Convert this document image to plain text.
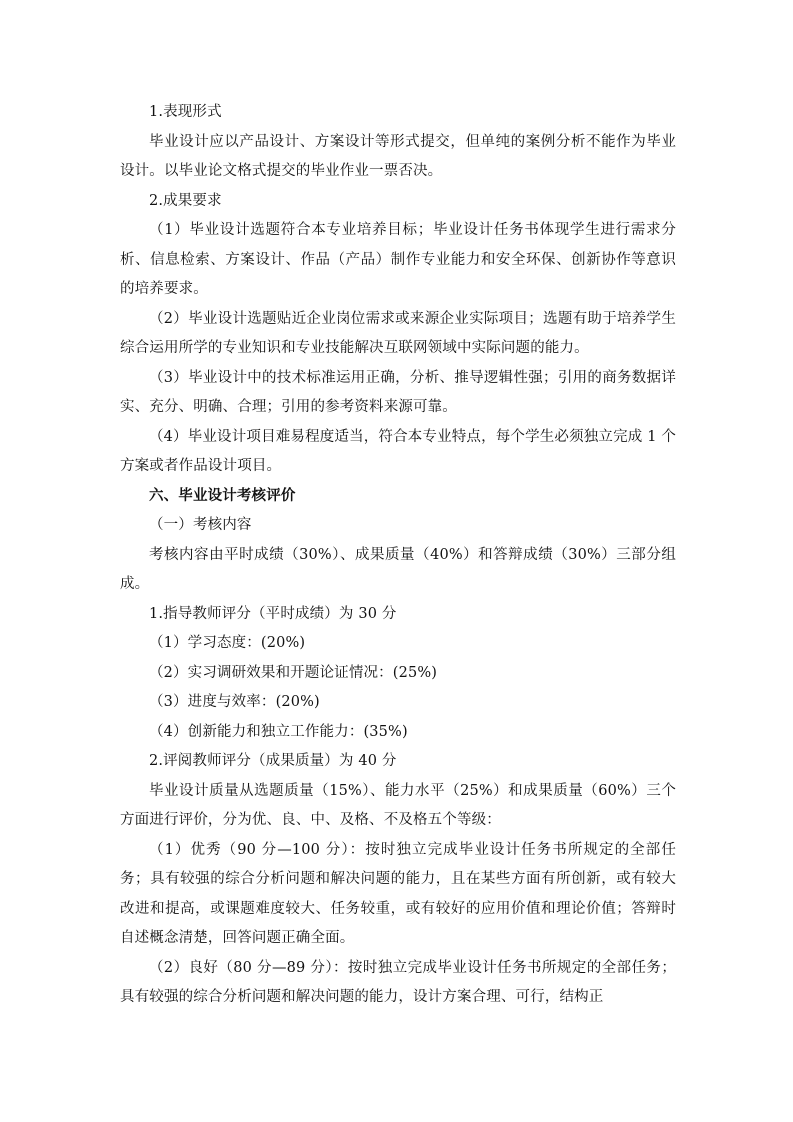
1.表现形式

毕业设计应以产品设计、方案设计等形式提交，但单纯的案例分析不能作为毕业设计。以毕业论文格式提交的毕业作业一票否决。

2.成果要求

（1）毕业设计选题符合本专业培养目标；毕业设计任务书体现学生进行需求分析、信息检索、方案设计、作品（产品）制作专业能力和安全环保、创新协作等意识的培养要求。

（2）毕业设计选题贴近企业岗位需求或来源企业实际项目；选题有助于培养学生综合运用所学的专业知识和专业技能解决互联网领域中实际问题的能力。

（3）毕业设计中的技术标准运用正确，分析、推导逻辑性强；引用的商务数据详实、充分、明确、合理；引用的参考资料来源可靠。

（4）毕业设计项目难易程度适当，符合本专业特点，每个学生必须独立完成 1 个方案或者作品设计项目。

六、毕业设计考核评价

（一）考核内容

考核内容由平时成绩（30%）、成果质量（40%）和答辩成绩（30%）三部分组成。

1.指导教师评分（平时成绩）为 30 分

（1）学习态度：(20%)

（2）实习调研效果和开题论证情况：(25%)

（3）进度与效率：(20%)

（4）创新能力和独立工作能力：(35%)

2.评阅教师评分（成果质量）为 40 分

毕业设计质量从选题质量（15%）、能力水平（25%）和成果质量（60%）三个方面进行评价，分为优、良、中、及格、不及格五个等级：

（1）优秀（90 分—100 分）：按时独立完成毕业设计任务书所规定的全部任务；具有较强的综合分析问题和解决问题的能力，且在某些方面有所创新，或有较大改进和提高，或课题难度较大、任务较重，或有较好的应用价值和理论价值；答辩时自述概念清楚，回答问题正确全面。

（2）良好（80 分—89 分）：按时独立完成毕业设计任务书所规定的全部任务；具有较强的综合分析问题和解决问题的能力，设计方案合理、可行，结构正
